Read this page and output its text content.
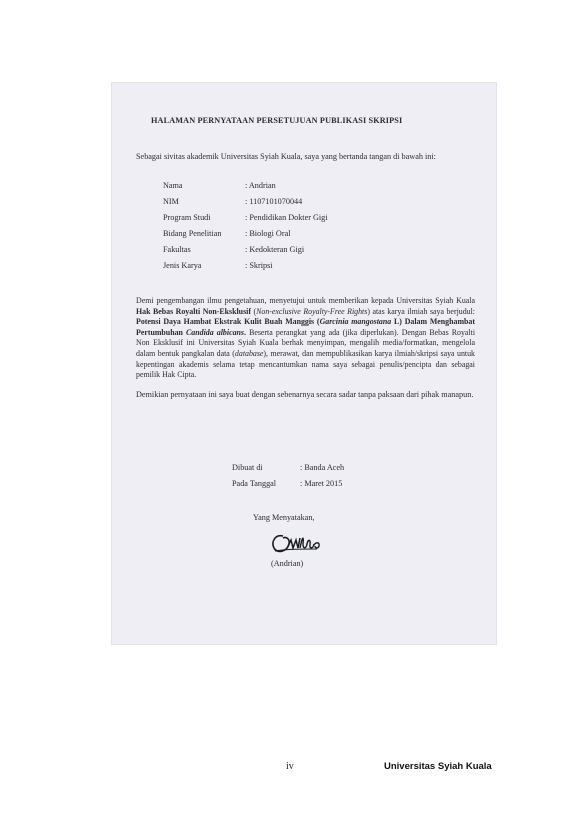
HALAMAN PERNYATAAN PERSETUJUAN PUBLIKASI SKRIPSI
Sebagai sivitas akademik Universitas Syiah Kuala, saya yang bertanda tangan di bawah ini:
Nama	: Andrian
NIM	: 1107101070044
Program Studi	: Pendidikan Dokter Gigi
Bidang Penelitian	: Biologi Oral
Fakultas	: Kedokteran Gigi
Jenis Karya	: Skripsi
Demi pengembangan ilmu pengetahuan, menyetujui untuk memberikan kepada Universitas Syiah Kuala Hak Bebas Royalti Non-Eksklusif (Non-exclusive Royalty-Free Rights) atas karya ilmiah saya berjudul: Potensi Daya Hambat Ekstrak Kulit Buah Manggis (Garcinia mangostana L) Dalam Menghambat Pertumbuhan Candida albicans. Beserta perangkat yang ada (jika diperlukan). Dengan Bebas Royalti Non Eksklusif ini Universitas Syiah Kuala berhak menyimpan, mengalih media/formatkan, mengelola dalam bentuk pangkalan data (database), merawat, dan mempublikasikan karya ilmiah/skripsi saya untuk kepentingan akademis selama tetap mencantumkan nama saya sebagai penulis/pencipta dan sebagai pemilik Hak Cipta.
Demikian pernyataan ini saya buat dengan sebenarnya secara sadar tanpa paksaan dari pihak manapun.
Dibuat di	: Banda Aceh
Pada Tanggal	: Maret 2015
Yang Menyatakan,
(Andrian)
iv	Universitas Syiah Kuala
